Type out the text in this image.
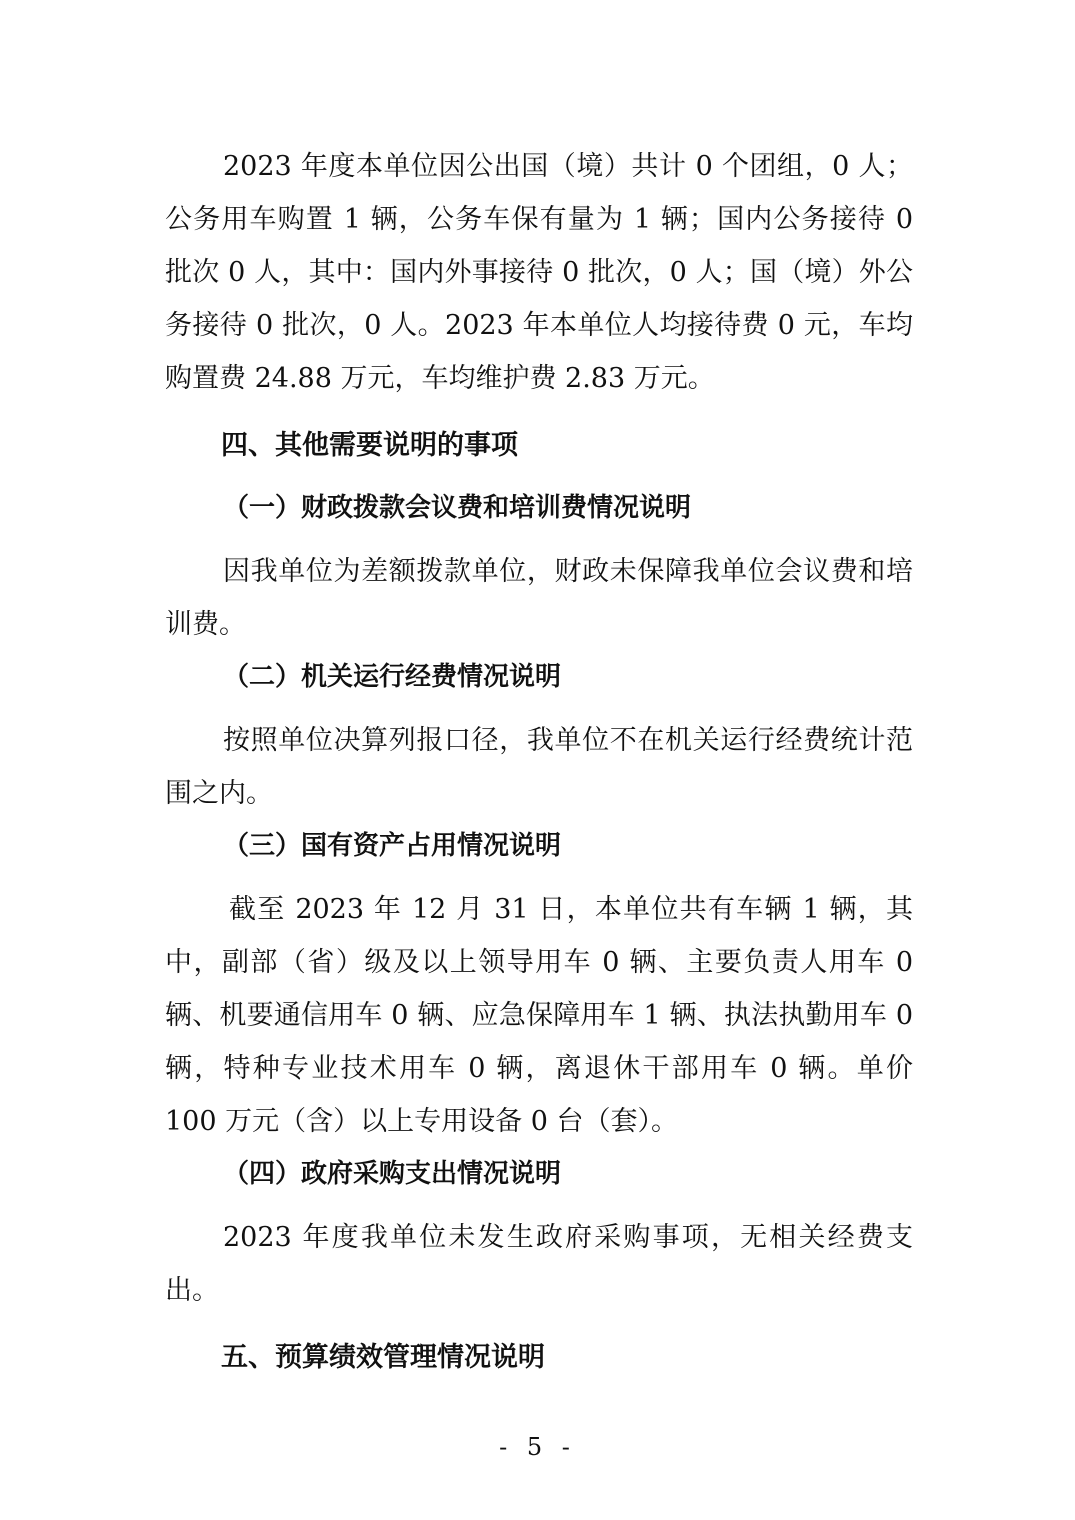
2023 年度本单位因公出国（境）共计 0 个团组，0 人；公务用车购置 1 辆，公务车保有量为 1 辆；国内公务接待 0 批次 0 人，其中：国内外事接待 0 批次，0 人；国（境）外公务接待 0 批次，0 人。2023 年本单位人均接待费 0 元，车均购置费 24.88 万元，车均维护费 2.83 万元。

四、其他需要说明的事项

（一）财政拨款会议费和培训费情况说明

因我单位为差额拨款单位，财政未保障我单位会议费和培训费。

（二）机关运行经费情况说明

按照单位决算列报口径，我单位不在机关运行经费统计范围之内。

（三）国有资产占用情况说明

截至 2023 年 12 月 31 日，本单位共有车辆 1 辆，其中，副部（省）级及以上领导用车 0 辆、主要负责人用车 0 辆、机要通信用车 0 辆、应急保障用车 1 辆、执法执勤用车 0 辆，特种专业技术用车 0 辆，离退休干部用车 0 辆。单价 100 万元（含）以上专用设备 0 台（套）。

（四）政府采购支出情况说明

2023 年度我单位未发生政府采购事项，无相关经费支出。

五、预算绩效管理情况说明

- 5 -
